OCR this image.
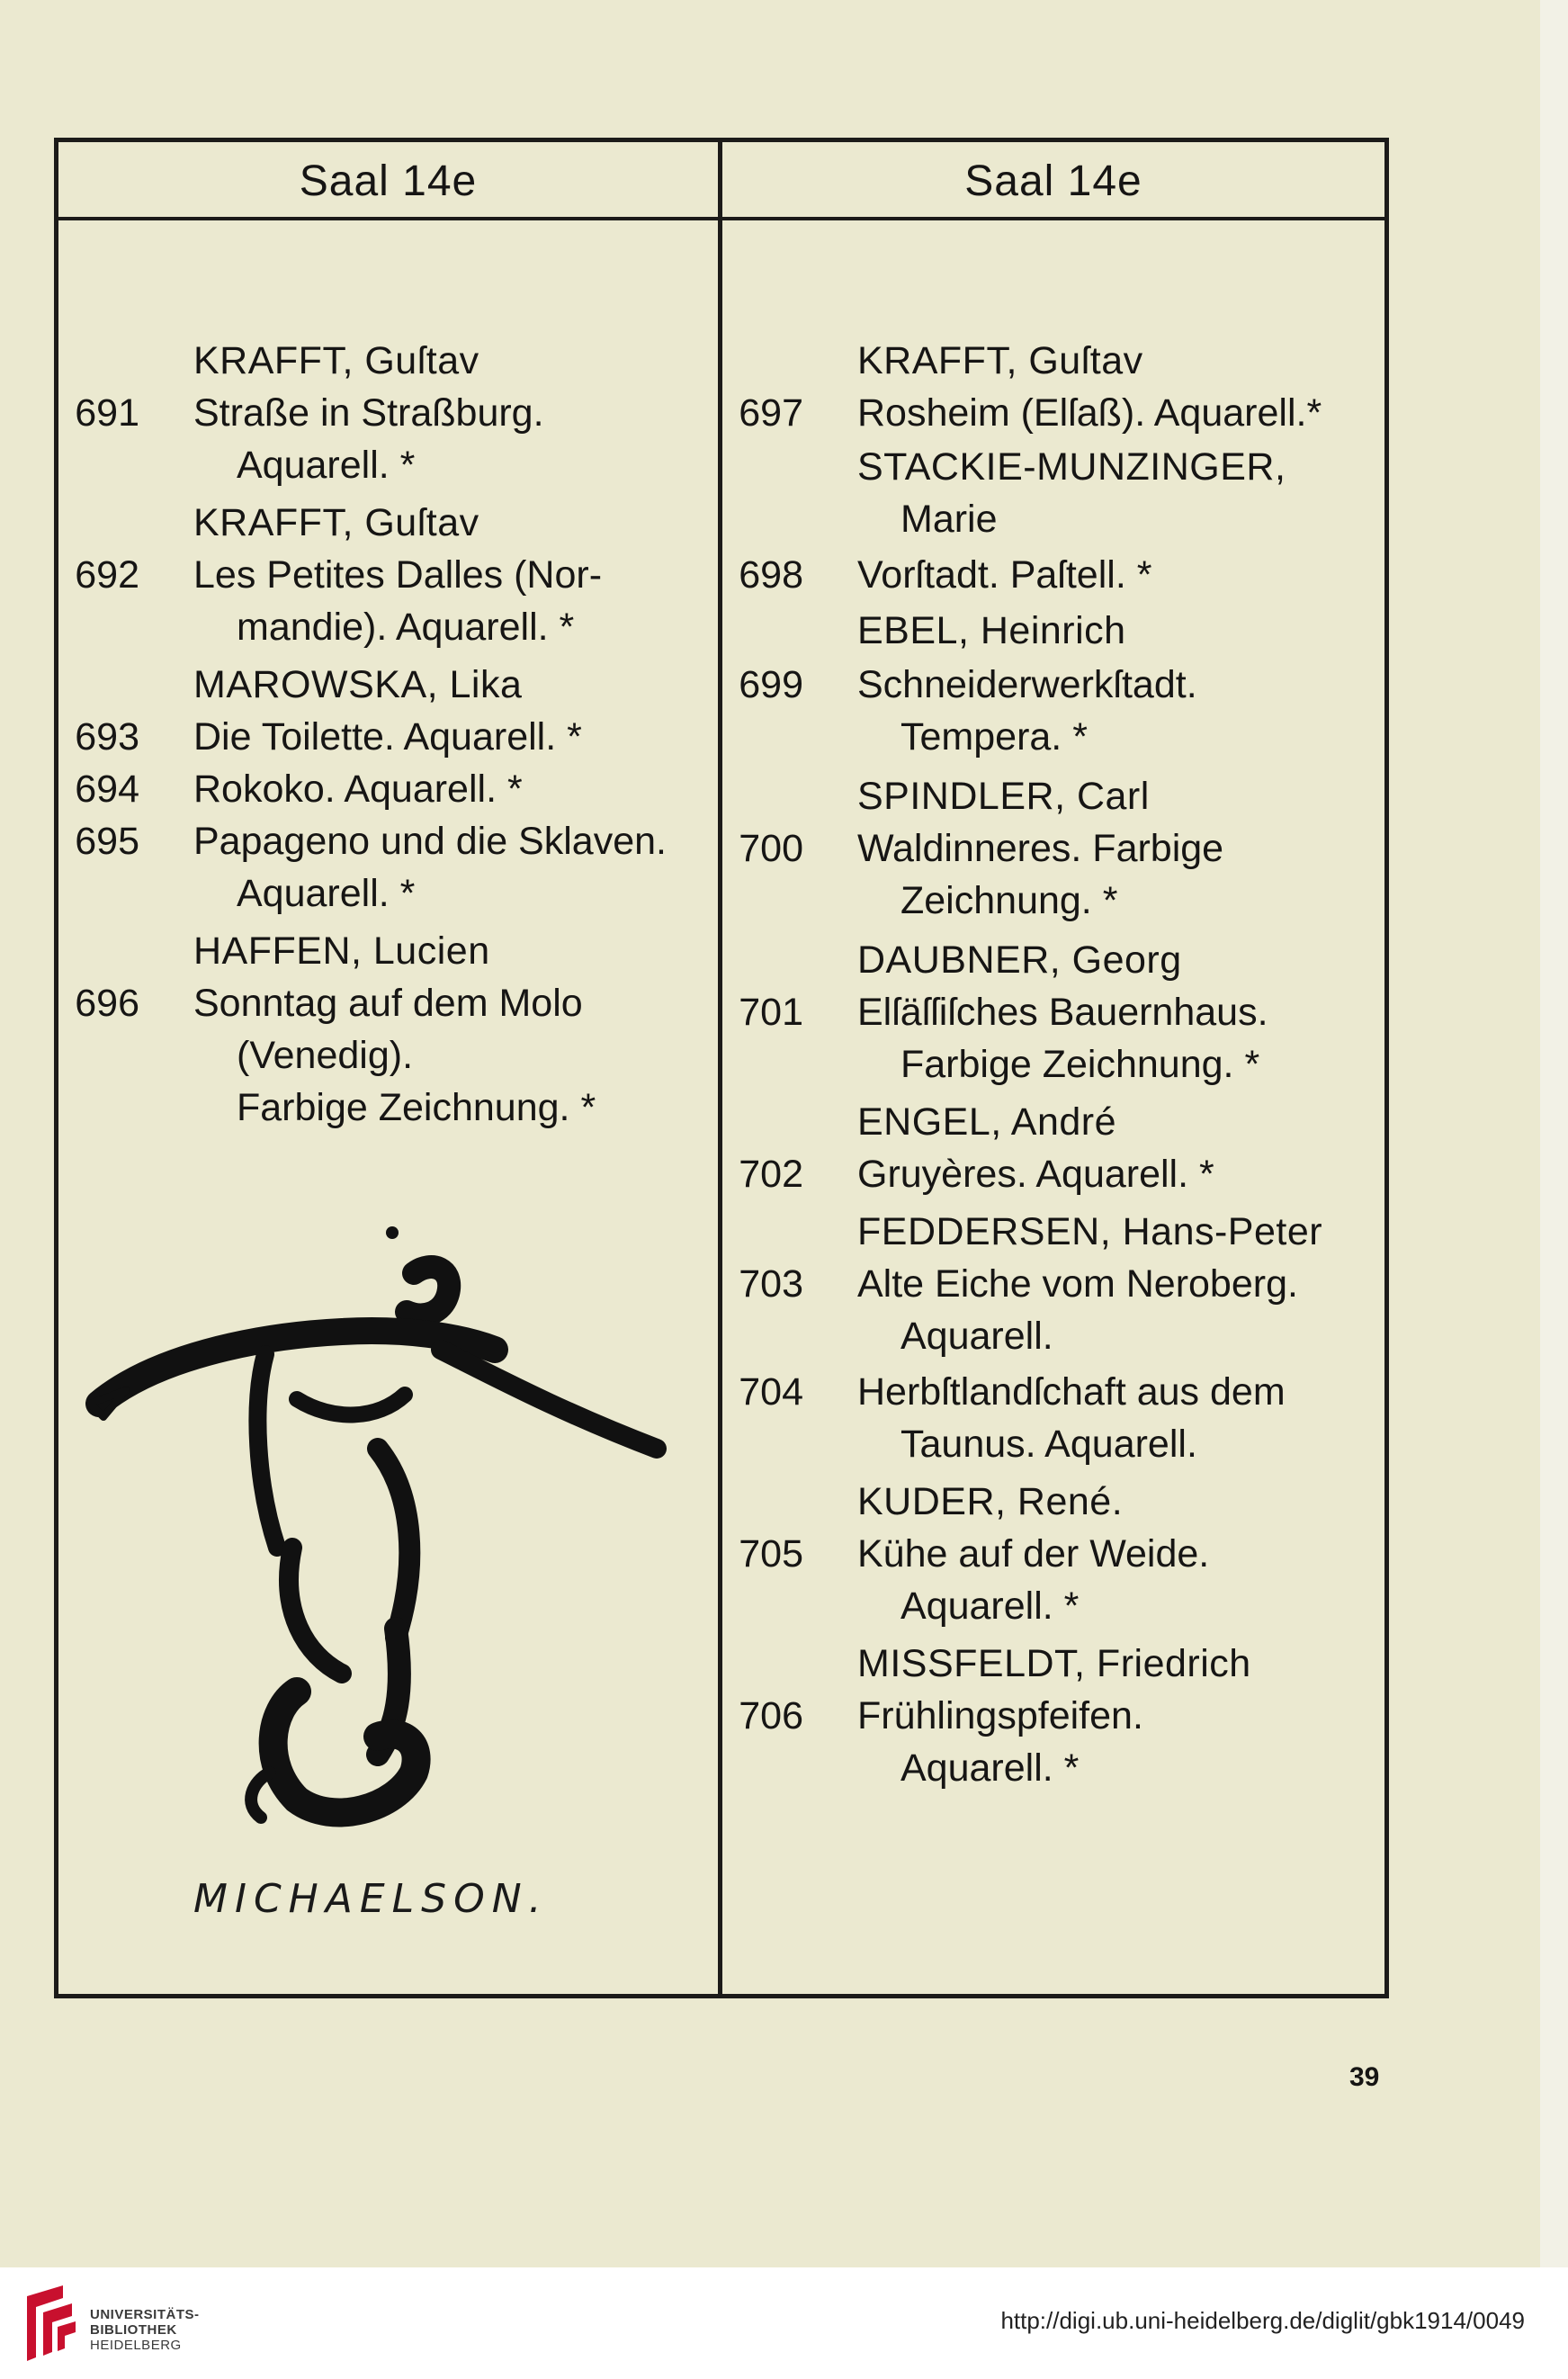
Saal 14e
KRAFFT, Guſtav
691 Straße in Straßburg.
Aquarell. *
KRAFFT, Guſtav
692 Les Petites Dalles (Nor-
mandie). Aquarell. *
MAROWSKA, Lika
693 Die Toilette. Aquarell. *
694 Rokoko. Aquarell. *
695 Papageno und die Sklaven.
Aquarell. *
HAFFEN, Lucien
696 Sonntag auf dem Molo
(Venedig).
Farbige Zeichnung. *
Saal 14e
KRAFFT, Guſtav
697 Rosheim (Elſaß). Aquarell.*
STACKIE-MUNZINGER,
Marie
698 Vorſtadt. Paſtell. *
EBEL, Heinrich
699 Schneiderwerkſtadt.
Tempera. *
SPINDLER, Carl
700 Waldinneres. Farbige
Zeichnung. *
DAUBNER, Georg
701 Elſäſſiſches Bauernhaus.
Farbige Zeichnung. *
ENGEL, André
702 Gruyères. Aquarell. *
FEDDERSEN, Hans-Peter
703 Alte Eiche vom Neroberg.
Aquarell.
704 Herbſtlandſchaft aus dem
Taunus. Aquarell.
KUDER, René.
705 Kühe auf der Weide.
Aquarell. *
MISSFELDT, Friedrich
706 Frühlingspfeifen.
Aquarell. *
MICHAELSON.
39
UNIVERSITÄTS-
BIBLIOTHEK
HEIDELBERG
http://digi.ub.uni-heidelberg.de/diglit/gbk1914/0049
